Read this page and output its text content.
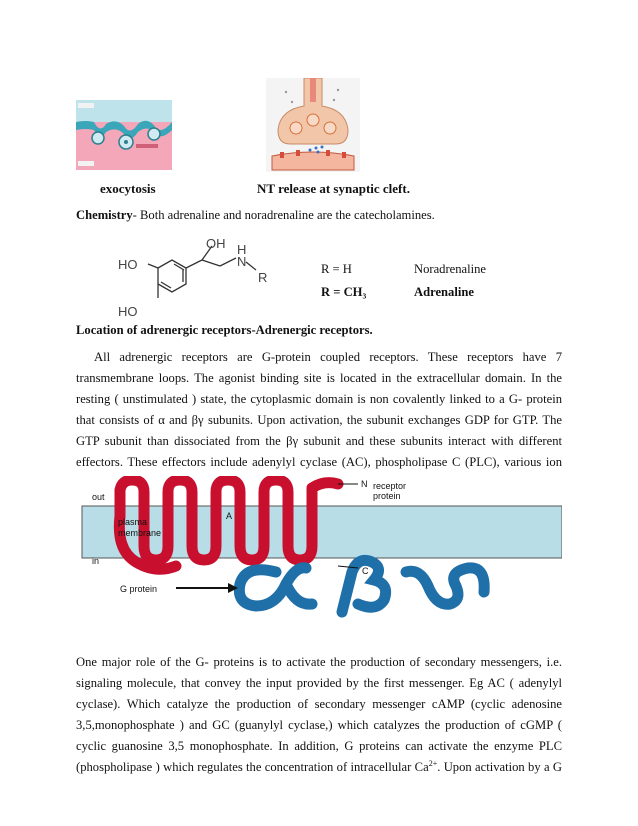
exocytosis	NT release at synaptic cleft.
Chemistry- Both adrenaline and noradrenaline are the catecholamines.
HO
HO
OH H
N
R
R = H	Noradrenaline
R = CH₃	Adrenaline
Location of adrenergic receptors-Adrenergic receptors.
All adrenergic receptors are G-protein coupled receptors. These receptors have 7
transmembrane loops. The agonist binding site is located in the extracellular domain. In the
resting ( unstimulated ) state, the cytoplasmic domain is non covalently linked to a G- protein
that consists of α and βγ subunits. Upon activation, the subunit exchanges GDP for GTP. The
GTP subunit than dissociated from the βγ subunit and these subunits interact with different
effectors. These effectors include adenylyl cyclase (AC), phospholipase C (PLC), various ion
out
plasma
membrane
in
G protein
receptor
protein
N
A
C
One major role of the G- proteins is to activate the production of secondary messengers, i.e.
signaling molecule, that convey the input provided by the first messenger. Eg AC ( adenylyl
cyclase). Which catalyze the production of secondary messenger cAMP (cyclic adenosine
3,5,monophosphate ) and GC (guanylyl cyclase,) which catalyzes the production of cGMP (
cyclic guanosine 3,5 monophosphate. In addition, G proteins can activate the enzyme PLC
(phospholipase ) which regulates the concentration of intracellular $Ca^{2+}$. Upon activation by a G
